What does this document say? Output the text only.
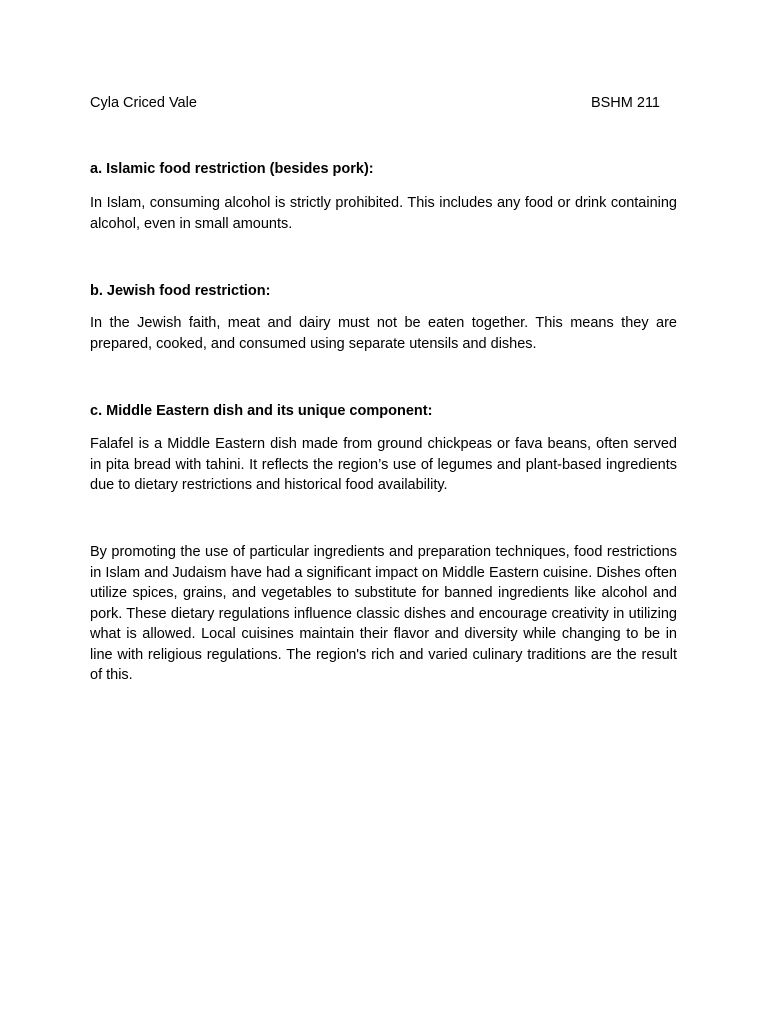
Cyla Criced Vale	BSHM 211

a. Islamic food restriction (besides pork):

In Islam, consuming alcohol is strictly prohibited. This includes any food or drink containing alcohol, even in small amounts.

b. Jewish food restriction:

In the Jewish faith, meat and dairy must not be eaten together. This means they are prepared, cooked, and consumed using separate utensils and dishes.

c. Middle Eastern dish and its unique component:

Falafel is a Middle Eastern dish made from ground chickpeas or fava beans, often served in pita bread with tahini. It reflects the region’s use of legumes and plant-based ingredients due to dietary restrictions and historical food availability.

By promoting the use of particular ingredients and preparation techniques, food restrictions in Islam and Judaism have had a significant impact on Middle Eastern cuisine. Dishes often utilize spices, grains, and vegetables to substitute for banned ingredients like alcohol and pork. These dietary regulations influence classic dishes and encourage creativity in utilizing what is allowed. Local cuisines maintain their flavor and diversity while changing to be in line with religious regulations. The region's rich and varied culinary traditions are the result of this.
